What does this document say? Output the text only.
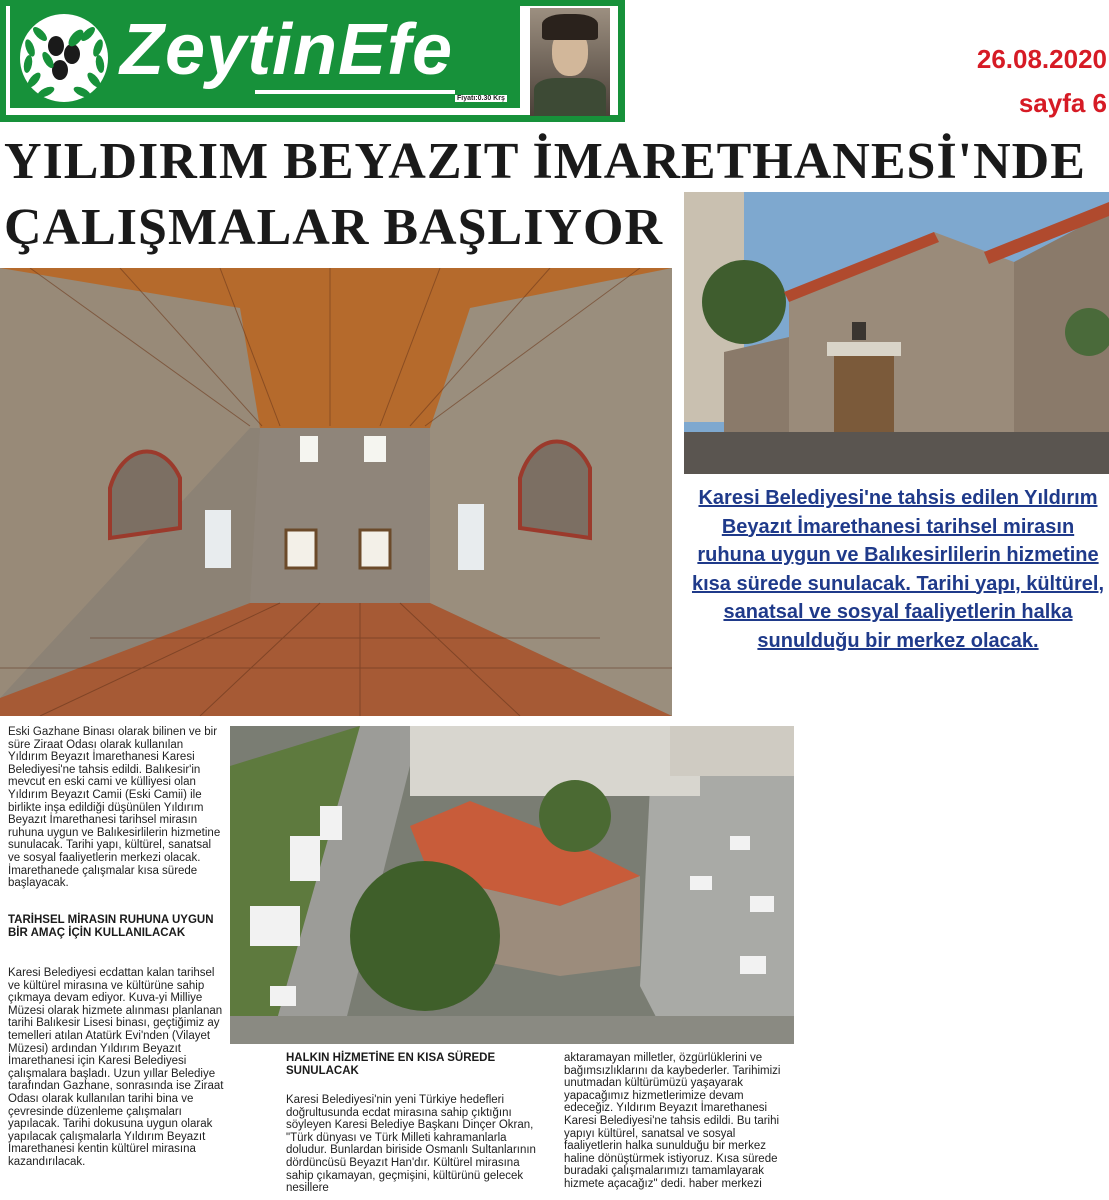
ZeytinEfe
Fiyatı:0.30 Krş
26.08.2020
sayfa 6
YILDIRIM BEYAZIT İMARETHANESİ'NDE
ÇALIŞMALAR BAŞLIYOR
Karesi Belediyesi'ne tahsis edilen Yıldırım Beyazıt İmarethanesi tarihsel mirasın ruhuna uygun ve Balıkesirlilerin hizmetine kısa sürede sunulacak. Tarihi yapı, kültürel, sanatsal ve sosyal faaliyetlerin halka sunulduğu bir merkez olacak.
Eski Gazhane Binası olarak bilinen ve bir süre Ziraat Odası olarak kullanılan Yıldırım Beyazıt İmarethanesi Karesi Belediyesi'ne tahsis edildi. Balıkesir'in mevcut en eski cami ve külliyesi olan Yıldırım Beyazıt Camii (Eski Camii) ile birlikte inşa edildiği düşünülen Yıldırım Beyazıt İmarethanesi tarihsel mirasın ruhuna uygun ve Balıkesirlilerin hizmetine sunulacak. Tarihi yapı, kültürel, sanatsal ve sosyal faaliyetlerin merkezi olacak. İmarethanede çalışmalar kısa sürede başlayacak.
TARİHSEL MİRASIN RUHUNA UYGUN BİR AMAÇ İÇİN KULLANILACAK
Karesi Belediyesi ecdattan kalan tarihsel ve kültürel mirasına ve kültürüne sahip çıkmaya devam ediyor. Kuva-yi Milliye Müzesi olarak hizmete alınması planlanan tarihi Balıkesir Lisesi binası, geçtiğimiz ay temelleri atılan Atatürk Evi'nden (Vilayet Müzesi) ardından Yıldırım Beyazıt İmarethanesi için Karesi Belediyesi çalışmalara başladı. Uzun yıllar Belediye tarafından Gazhane, sonrasında ise Ziraat Odası olarak kullanılan tarihi bina ve çevresinde düzenleme çalışmaları yapılacak. Tarihi dokusuna uygun olarak yapılacak çalışmalarla Yıldırım Beyazıt İmarethanesi kentin kültürel mirasına kazandırılacak.
HALKIN HİZMETİNE EN KISA SÜREDE SUNULACAK
Karesi Belediyesi'nin yeni Türkiye hedefleri doğrultusunda ecdat mirasına sahip çıktığını söyleyen Karesi Belediye Başkanı Dinçer Okran, "Türk dünyası ve Türk Milleti kahramanlarla doludur. Bunlardan biriside Osmanlı Sultanlarının dördüncüsü Beyazıt Han'dır. Kültürel mirasına sahip çıkamayan, geçmişini, kültürünü gelecek nesillere
aktaramayan milletler, özgürlüklerini ve bağımsızlıklarını da kaybederler. Tarihimizi unutmadan kültürümüzü yaşayarak yapacağımız hizmetlerimize devam edeceğiz. Yıldırım Beyazıt İmarethanesi Karesi Belediyesi'ne tahsis edildi. Bu tarihi yapıyı kültürel, sanatsal ve sosyal faaliyetlerin halka sunulduğu bir merkez haline dönüştürmek istiyoruz. Kısa sürede buradaki çalışmalarımızı tamamlayarak hizmete açacağız" dedi. haber merkezi
